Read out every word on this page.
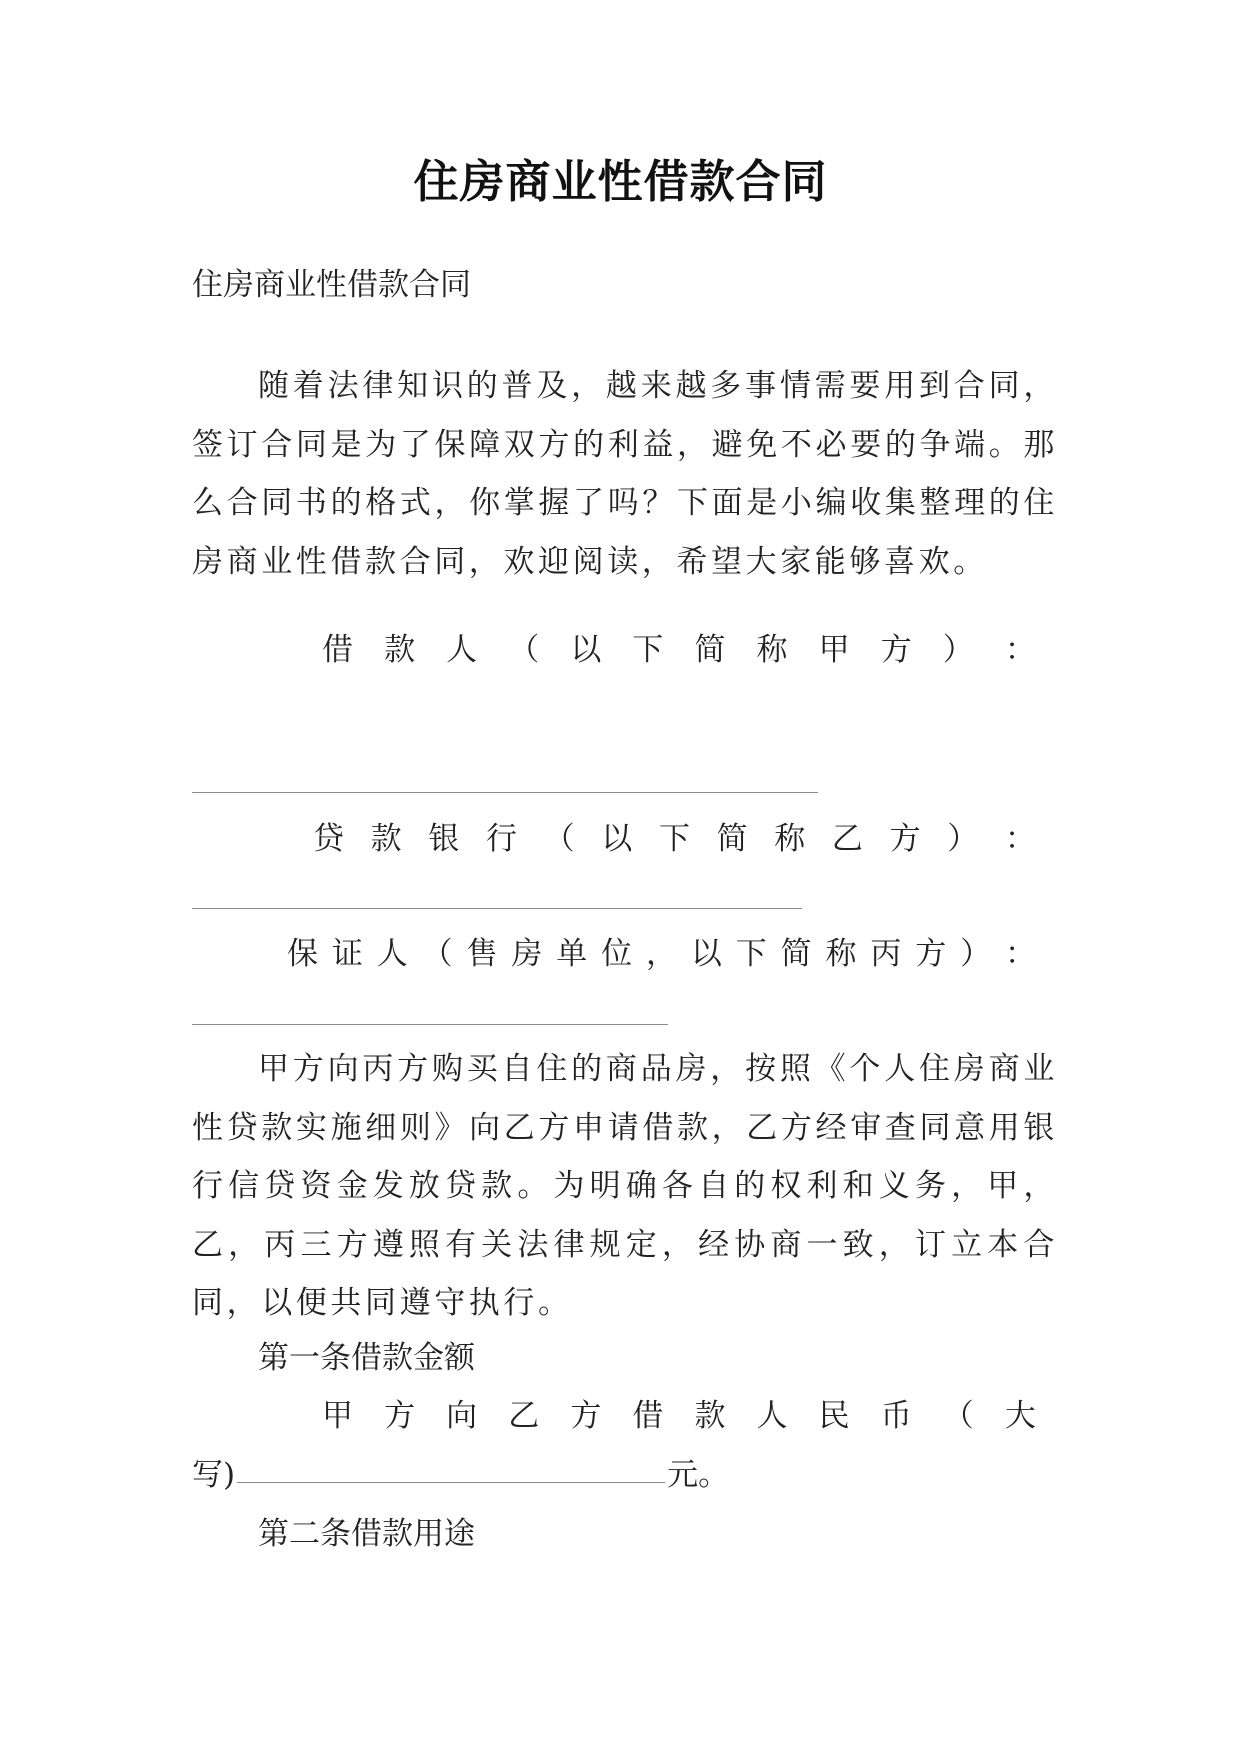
住房商业性借款合同
住房商业性借款合同

随着法律知识的普及，越来越多事情需要用到合同，签订合同是为了保障双方的利益，避免不必要的争端。那么合同书的格式，你掌握了吗？下面是小编收集整理的住房商业性借款合同，欢迎阅读，希望大家能够喜欢。

借 款 人 （ 以 下 简 称 甲 方 ） ：
贷 款 银 行 （ 以 下 简 称 乙 方 ） ：
保 证 人 （ 售 房 单 位 ， 以 下 简 称 丙 方 ） ：

甲方向丙方购买自住的商品房，按照《个人住房商业性贷款实施细则》向乙方申请借款，乙方经审查同意用银行信贷资金发放贷款。为明确各自的权利和义务，甲，乙，丙三方遵照有关法律规定，经协商一致，订立本合同，以便共同遵守执行。

第一条借款金额
甲 方 向 乙 方 借 款 人 民 币 （ 大
写)	元。
第二条借款用途
